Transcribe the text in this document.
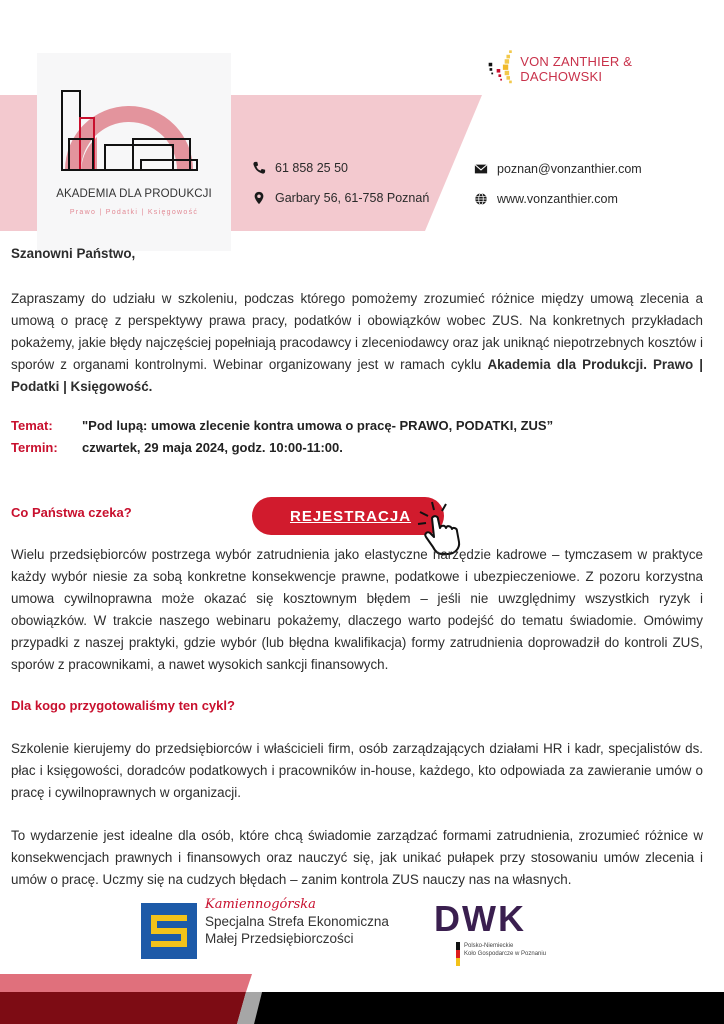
AKADEMIA DLA PRODUKCJI
Prawo | Podatki | Księgowość
VON ZANTHIER & DACHOWSKI
61 858 25 50
Garbary 56, 61-758 Poznań
poznan@vonzanthier.com
www.vonzanthier.com
Szanowni Państwo,
Zapraszamy do udziału w szkoleniu, podczas którego pomożemy zrozumieć różnice między umową zlecenia a umową o pracę z perspektywy prawa pracy, podatków i obowiązków wobec ZUS. Na konkretnych przykładach pokażemy, jakie błędy najczęściej popełniają pracodawcy i zleceniodawcy oraz jak uniknąć niepotrzebnych kosztów i sporów z organami kontrolnymi. Webinar organizowany jest w ramach cyklu Akademia dla Produkcji. Prawo | Podatki | Księgowość.
Temat: "Pod lupą: umowa zlecenie kontra umowa o pracę- PRAWO, PODATKI, ZUS”
Termin: czwartek, 29 maja 2024, godz. 10:00-11:00.
Co Państwa czeka?	REJESTRACJA
Wielu przedsiębiorców postrzega wybór zatrudnienia jako elastyczne narzędzie kadrowe – tymczasem w praktyce każdy wybór niesie za sobą konkretne konsekwencje prawne, podatkowe i ubezpieczeniowe. Z pozoru korzystna umowa cywilnoprawna może okazać się kosztownym błędem – jeśli nie uwzględnimy wszystkich ryzyk i obowiązków. W trakcie naszego webinaru pokażemy, dlaczego warto podejść do tematu świadomie. Omówimy przypadki z naszej praktyki, gdzie wybór (lub błędna kwalifikacja) formy zatrudnienia doprowadził do kontroli ZUS, sporów z pracownikami, a nawet wysokich sankcji finansowych.
Dla kogo przygotowaliśmy ten cykl?
Szkolenie kierujemy do przedsiębiorców i właścicieli firm, osób zarządzających działami HR i kadr, specjalistów ds. płac i księgowości, doradców podatkowych i pracowników in-house, każdego, kto odpowiada za zawieranie umów o pracę i cywilnoprawnych w organizacji.
To wydarzenie jest idealne dla osób, które chcą świadomie zarządzać formami zatrudnienia, zrozumieć różnice w konsekwencjach prawnych i finansowych oraz nauczyć się, jak unikać pułapek przy stosowaniu umów zlecenia i umów o pracę. Uczmy się na cudzych błędach – zanim kontrola ZUS nauczy nas na własnych.
Kamiennogórska
Specjalna Strefa Ekonomiczna
Małej Przedsiębiorczości	DWK
Polsko-Niemieckie
Koło Gospodarcze w Poznaniu
